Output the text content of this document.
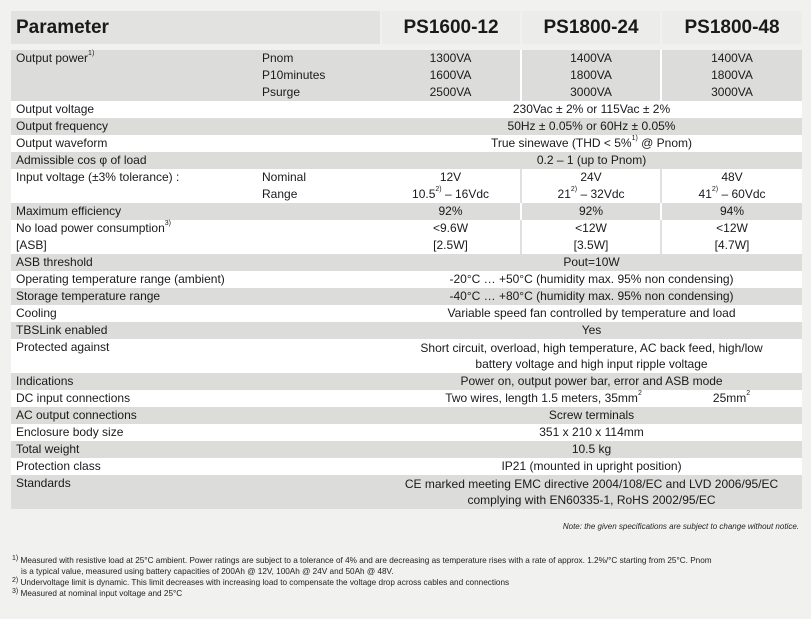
Parameter		PS1600-12	PS1800-24	PS1800-48

Output power$^{1)}$	Pnom	1300VA	1400VA	1400VA
	P10minutes	1600VA	1800VA	1800VA
	Psurge	2500VA	3000VA	3000VA
Output voltage		230Vac ± 2% or 115Vac ± 2%		
Output frequency		50Hz ± 0.05% or 60Hz ± 0.05%		
Output waveform		True sinewave (THD < 5%$^{1)}$ @ Pnom)		
Admissible cos φ of load		0.2 – 1 (up to Pnom)		
Input voltage (±3% tolerance) :	Nominal	12V	24V	48V
	Range	10.5$^{2)}$ – 16Vdc	21$^{2)}$ – 32Vdc	41$^{2)}$ – 60Vdc
Maximum efficiency		92%	92%	94%
No load power consumption$^{3)}$		<9.6W	<12W	<12W
[ASB]		[2.5W]	[3.5W]	[4.7W]
ASB threshold		Pout=10W		
Operating temperature range (ambient)		-20°C … +50°C (humidity max. 95% non condensing)		
Storage temperature range		-40°C … +80°C (humidity max. 95% non condensing)		
Cooling		Variable speed fan controlled by temperature and load		
TBSLink enabled		Yes		
Protected against		Short circuit, overload, high temperature, AC back feed, high/low
battery voltage and high input ripple voltage		

Indications		Power on, output power bar, error and ASB mode		
DC input connections		Two wires, length 1.5 meters, $35mm^2$		$25mm^2$
AC output connections		Screw terminals		
Enclosure body size		351 x 210 x 114mm		
Total weight		10.5 kg		
Protection class		IP21 (mounted in upright position)		
Standards		CE marked meeting EMC directive 2004/108/EC and LVD 2006/95/EC
complying with EN60335-1, RoHS 2002/95/EC		
Note: the given specifications are subject to change without notice.

$^{1)}$ Measured with resistive load at 25°C ambient. Power ratings are subject to a tolerance of 4% and are decreasing as temperature rises with a rate of approx. 1.2%/°C starting from 25°C. Pnom

is a typical value, measured using battery capacities of 200Ah @ 12V, 100Ah @ 24V and 50Ah @ 48V.

$^{2)}$ Undervoltage limit is dynamic. This limit decreases with increasing load to compensate the voltage drop across cables and connections

$^{3)}$ Measured at nominal input voltage and 25°C
